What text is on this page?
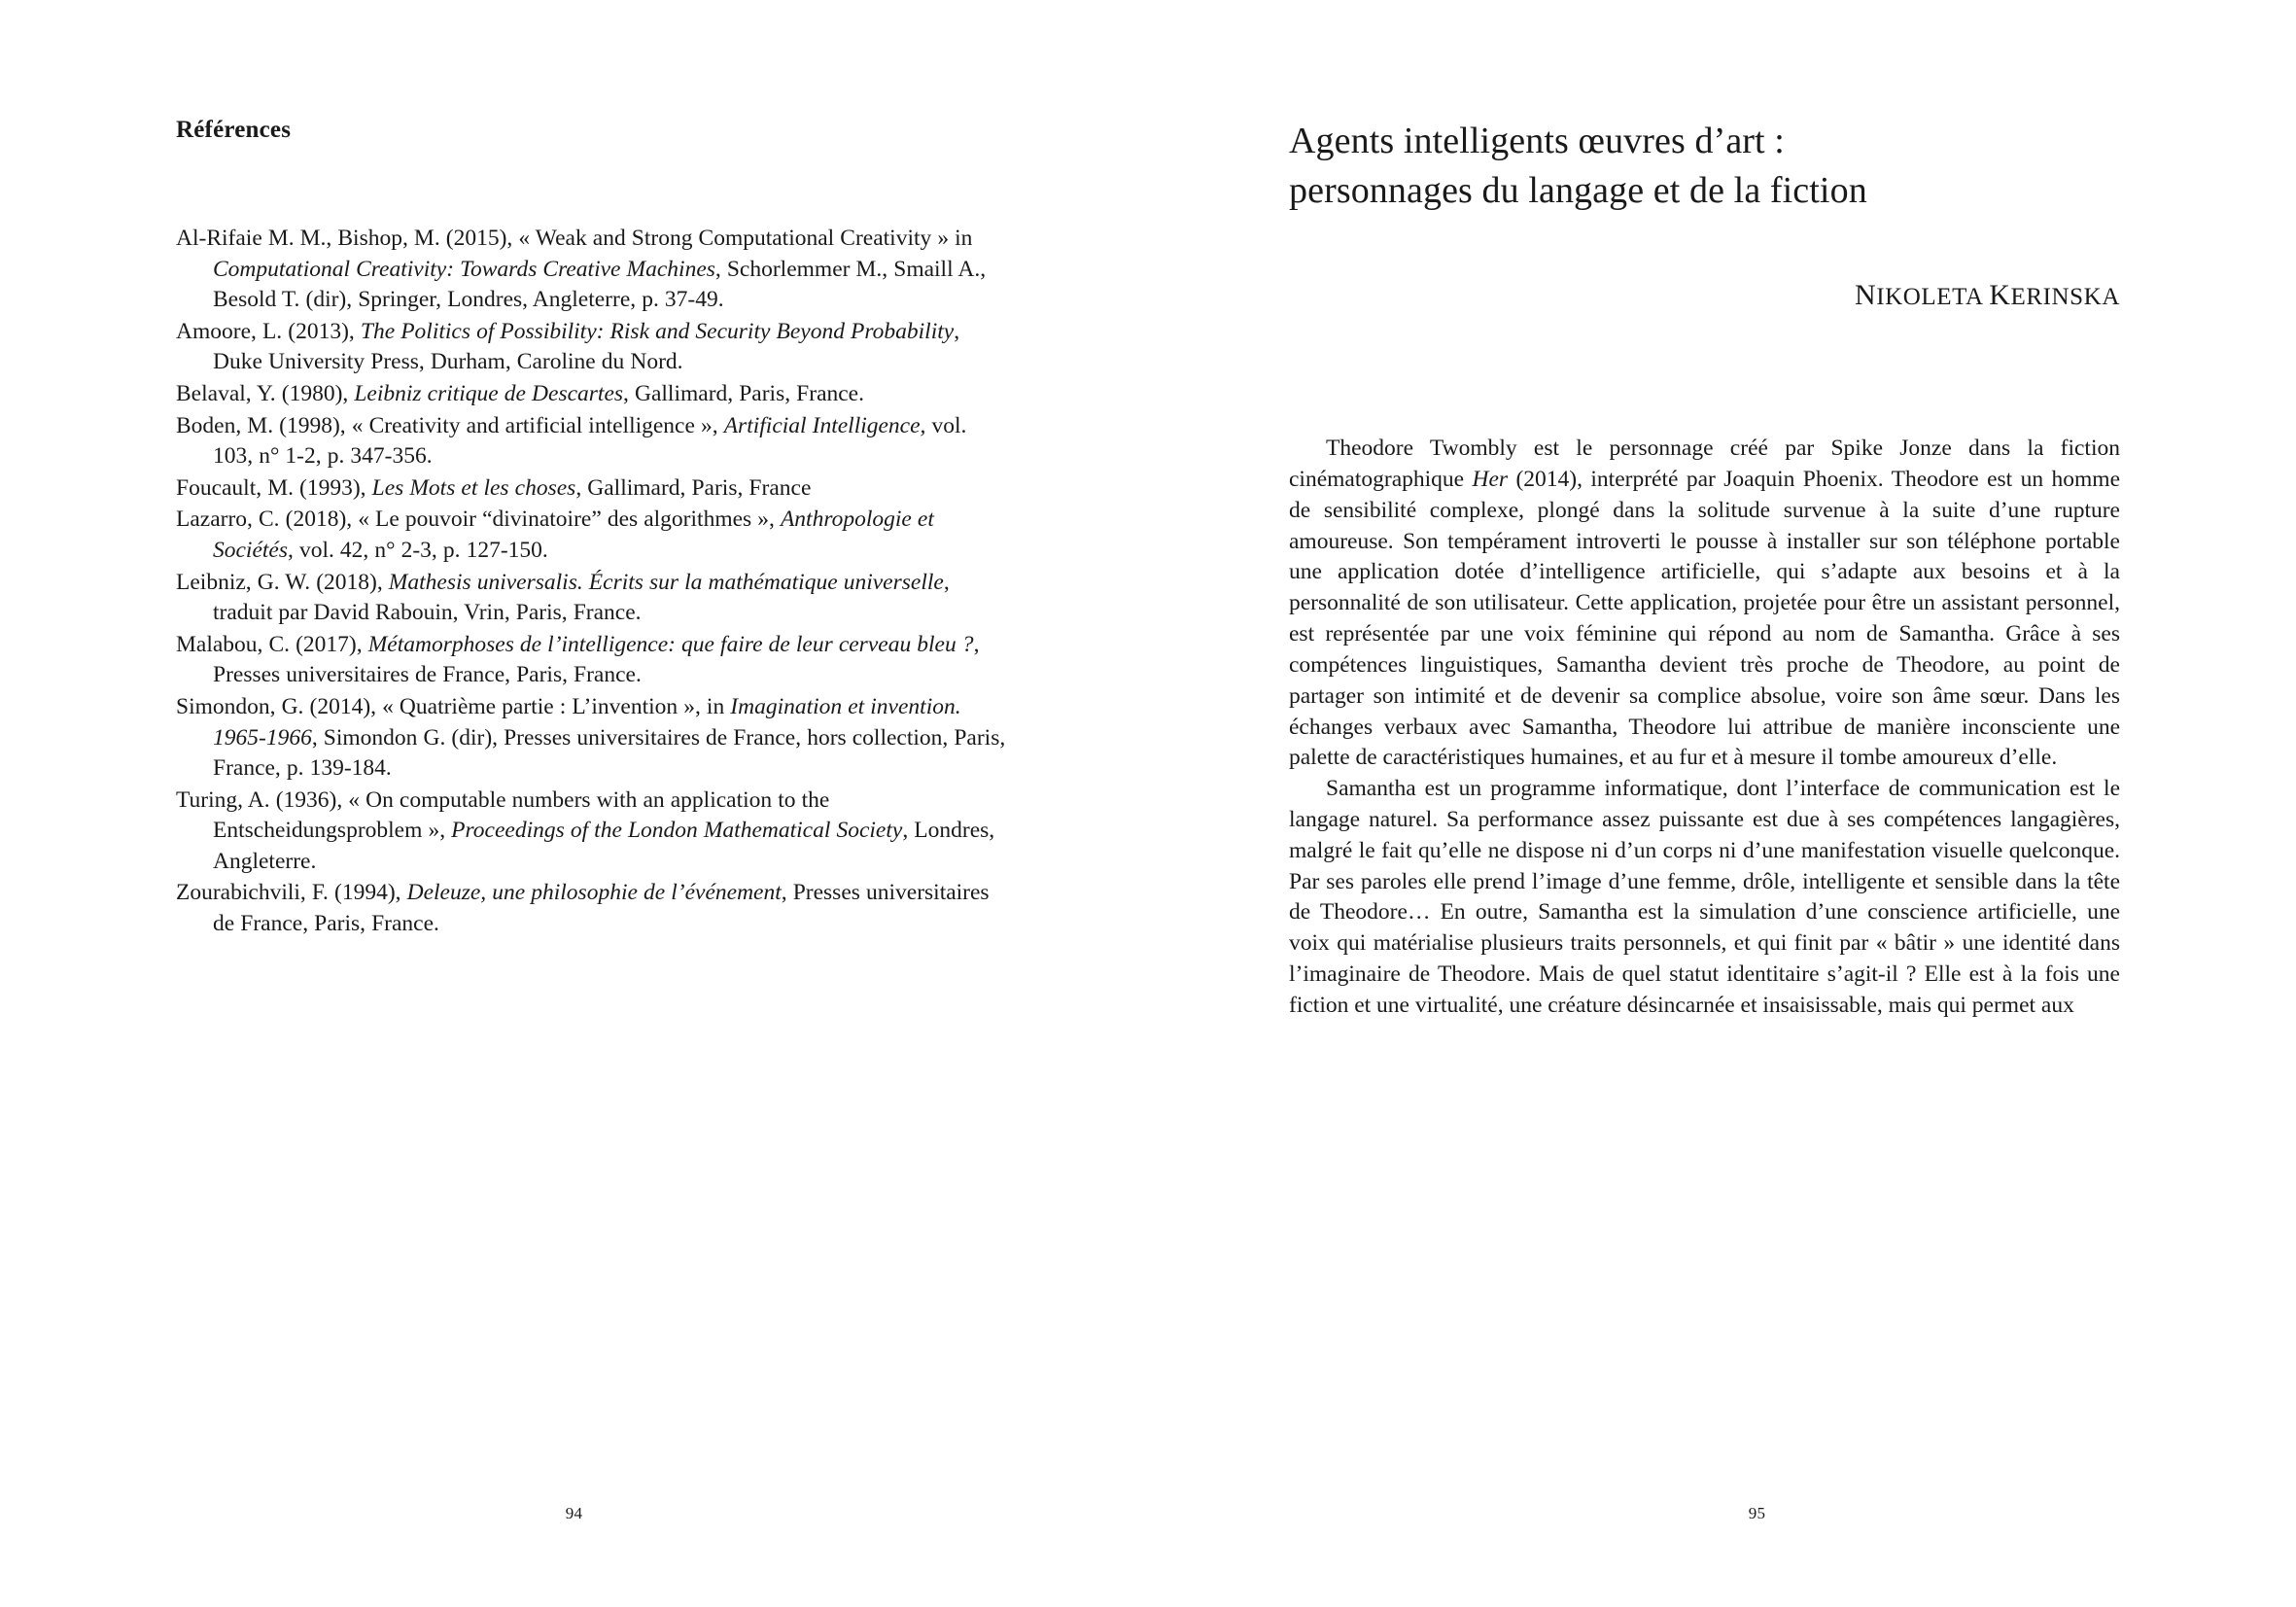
Références
Al-Rifaie M. M., Bishop, M. (2015), « Weak and Strong Computational Creativity » in Computational Creativity: Towards Creative Machines, Schorlemmer M., Smaill A., Besold T. (dir), Springer, Londres, Angleterre, p. 37-49.
Amoore, L. (2013), The Politics of Possibility: Risk and Security Beyond Probability, Duke University Press, Durham, Caroline du Nord.
Belaval, Y. (1980), Leibniz critique de Descartes, Gallimard, Paris, France.
Boden, M. (1998), « Creativity and artificial intelligence », Artificial Intelligence, vol. 103, n° 1-2, p. 347-356.
Foucault, M. (1993), Les Mots et les choses, Gallimard, Paris, France
Lazarro, C. (2018), « Le pouvoir “divinatoire” des algorithmes », Anthropologie et Sociétés, vol. 42, n° 2-3, p. 127-150.
Leibniz, G. W. (2018), Mathesis universalis. Écrits sur la mathématique universelle, traduit par David Rabouin, Vrin, Paris, France.
Malabou, C. (2017), Métamorphoses de l’intelligence: que faire de leur cerveau bleu ?, Presses universitaires de France, Paris, France.
Simondon, G. (2014), « Quatrième partie : L’invention », in Imagination et invention. 1965-1966, Simondon G. (dir), Presses universitaires de France, hors collection, Paris, France, p. 139-184.
Turing, A. (1936), « On computable numbers with an application to the Entscheidungsproblem », Proceedings of the London Mathematical Society, Londres, Angleterre.
Zourabichvili, F. (1994), Deleuze, une philosophie de l’événement, Presses universitaires de France, Paris, France.
94
Agents intelligents œuvres d’art :
personnages du langage et de la fiction
NIKOLETA KERINSKA

Theodore Twombly est le personnage créé par Spike Jonze dans la fiction cinématographique Her (2014), interprété par Joaquin Phoenix. Theodore est un homme de sensibilité complexe, plongé dans la solitude survenue à la suite d’une rupture amoureuse. Son tempérament introverti le pousse à installer sur son téléphone portable une application dotée d’intelligence artificielle, qui s’adapte aux besoins et à la personnalité de son utilisateur. Cette application, projetée pour être un assistant personnel, est représentée par une voix féminine qui répond au nom de Samantha. Grâce à ses compétences linguistiques, Samantha devient très proche de Theodore, au point de partager son intimité et de devenir sa complice absolue, voire son âme sœur. Dans les échanges verbaux avec Samantha, Theodore lui attribue de manière inconsciente une palette de caractéristiques humaines, et au fur et à mesure il tombe amoureux d’elle.

Samantha est un programme informatique, dont l’interface de communication est le langage naturel. Sa performance assez puissante est due à ses compétences langagières, malgré le fait qu’elle ne dispose ni d’un corps ni d’une manifestation visuelle quelconque. Par ses paroles elle prend l’image d’une femme, drôle, intelligente et sensible dans la tête de Theodore… En outre, Samantha est la simulation d’une conscience artificielle, une voix qui matérialise plusieurs traits personnels, et qui finit par « bâtir » une identité dans l’imaginaire de Theodore. Mais de quel statut identitaire s’agit-il ? Elle est à la fois une fiction et une virtualité, une créature désincarnée et insaisissable, mais qui permet aux

95
